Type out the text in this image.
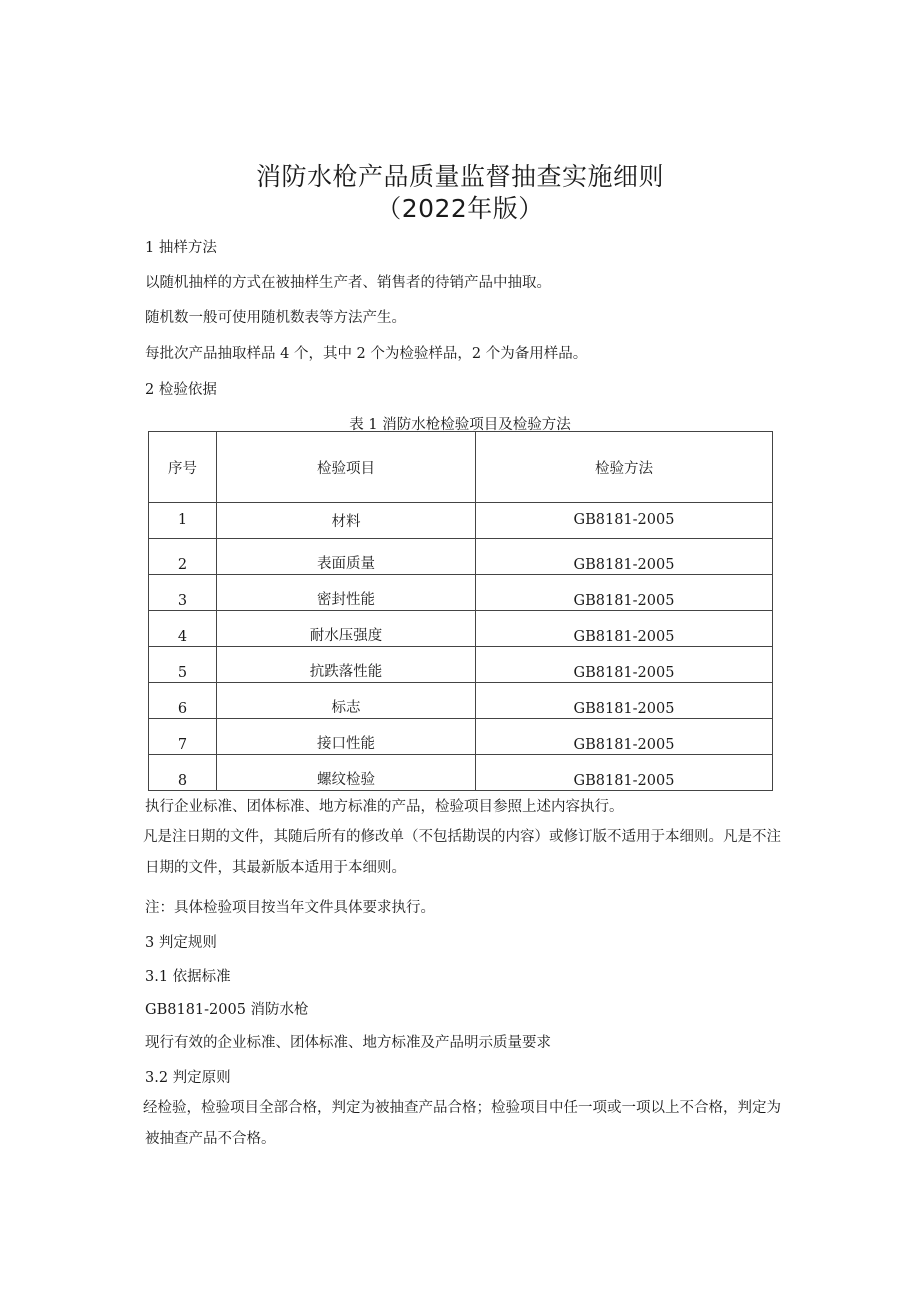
消防水枪产品质量监督抽查实施细则
（2022年版）
1 抽样方法
以随机抽样的方式在被抽样生产者、销售者的待销产品中抽取。
随机数一般可使用随机数表等方法产生。
每批次产品抽取样品 4 个，其中 2 个为检验样品，2 个为备用样品。
2 检验依据
表 1 消防水枪检验项目及检验方法
序号	检验项目	检验方法
1	材料	GB8181-2005
2	表面质量	GB8181-2005
3	密封性能	GB8181-2005
4	耐水压强度	GB8181-2005
5	抗跌落性能	GB8181-2005
6	标志	GB8181-2005
7	接口性能	GB8181-2005
8	螺纹检验	GB8181-2005
执行企业标准、团体标准、地方标准的产品，检验项目参照上述内容执行。
凡是注日期的文件，其随后所有的修改单（不包括勘误的内容）或修订版不适用于本细则。凡是不注日期的文件，其最新版本适用于本细则。
注：具体检验项目按当年文件具体要求执行。
3 判定规则
3.1 依据标准
GB8181-2005 消防水枪
现行有效的企业标准、团体标准、地方标准及产品明示质量要求
3.2 判定原则
经检验，检验项目全部合格，判定为被抽查产品合格；检验项目中任一项或一项以上不合格，判定为被抽查产品不合格。
